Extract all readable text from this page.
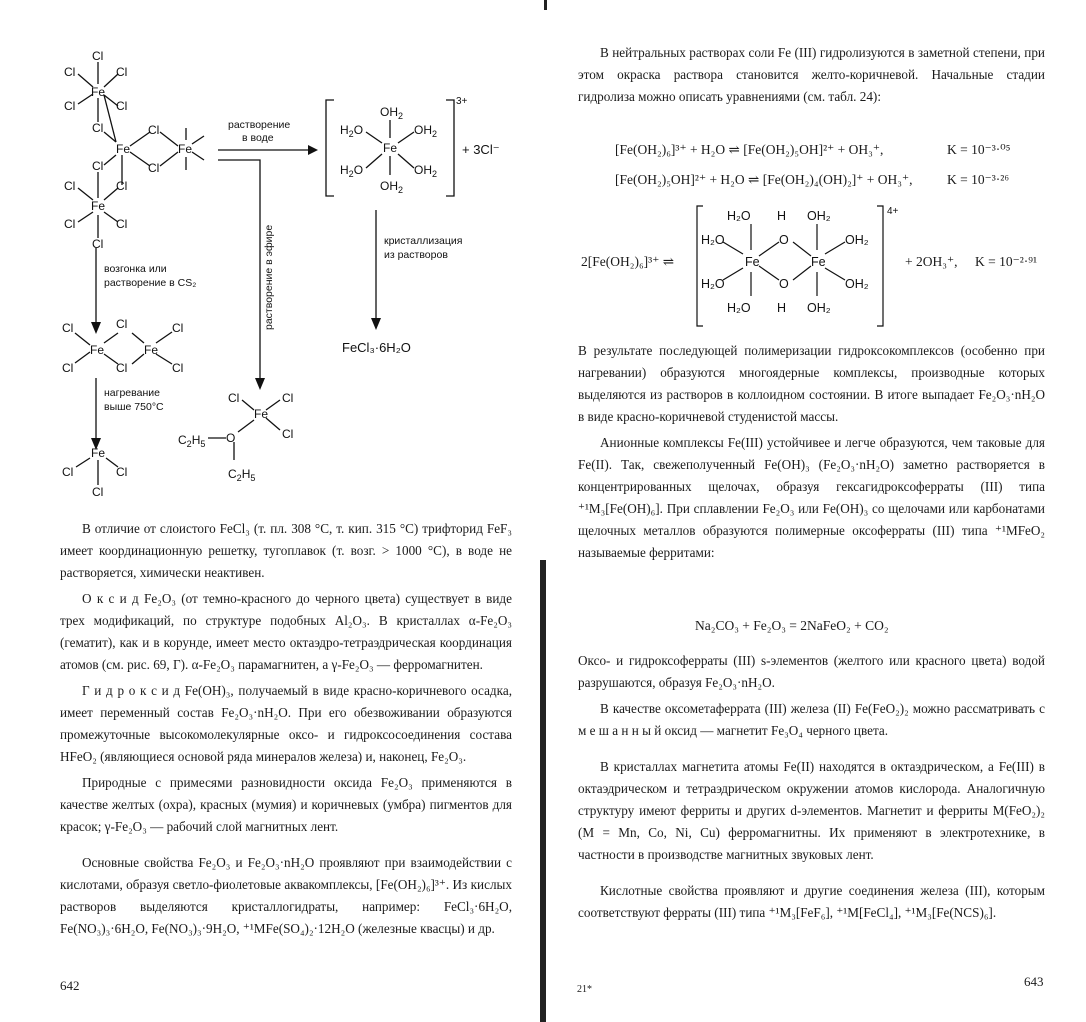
Cl
Cl	Cl
Fe
Cl	Cl
Cl
Fe
Cl
Cl
Fe
Cl
Cl	Cl
Fe
Cl	Cl
Cl
$OH_2$
$H_2O$	$OH_2$
Fe
$H_2O$	$OH_2$
$OH_2$
Cl	Cl	Cl
Fe	Fe
Cl	Cl	Cl
Fe
Cl	Cl
Cl
Cl
Fe
Cl
Cl
O
$C_2H_5$
$C_2H_5$
растворение
в воде
растворение в эфире	кристаллизация
из растворов
возгонка или
растворение в CS₂
нагревание
выше 750°C
3+
+ 3Cl⁻
FeCl₃·6H₂O

В отличие от слоистого FeCl₃ (т. пл. 308 °C, т. кип. 315 °C) трифторид FeF₃ имеет координационную решетку, тугоплавок (т. возг. > 1000 °C), в воде не растворяется, химически неактивен.

О к с и д Fe₂O₃ (от темно-красного до черного цвета) существует в виде трех модификаций, по структуре подобных Al₂O₃. В кристаллах α-Fe₂O₃ (гематит), как и в корунде, имеет место октаэдро-тетраэдрическая координация атомов (см. рис. 69, Г). α-Fe₂O₃ парамагнитен, а γ-Fe₂O₃ — ферромагнитен.

Г и д р о к с и д Fe(OH)₃, получаемый в виде красно-коричневого осадка, имеет переменный состав Fe₂O₃·nH₂O. При его обезвоживании образуются промежуточные высокомолекулярные оксо- и гидроксосоединения состава HFeO₂ (являющиеся основой ряда минералов железа) и, наконец, Fe₂O₃.

Природные с примесями разновидности оксида Fe₂O₃ применяются в качестве желтых (охра), красных (мумия) и коричневых (умбра) пигментов для красок; γ-Fe₂O₃ — рабочий слой магнитных лент.

Основные свойства Fe₂O₃ и Fe₂O₃·nH₂O проявляют при взаимодействии с кислотами, образуя светло-фиолетовые аквакомплексы, [Fe(OH₂)₆]³⁺. Из кислых растворов выделяются кристаллогидраты, например: FeCl₃·6H₂O, Fe(NO₃)₃·6H₂O, Fe(NO₃)₃·9H₂O, ⁺¹MFe(SO₄)₂·12H₂O (железные квасцы) и др.

642

В нейтральных растворах соли Fe (III) гидролизуются в заметной степени, при этом окраска раствора становится желто-коричневой. Начальные стадии гидролиза можно описать уравнениями (см. табл. 24):

[Fe(OH₂)₆]³⁺ + H₂O ⇌ [Fe(OH₂)₅OH]²⁺ + OH₃⁺,	K = 10⁻³·⁰⁵
[Fe(OH₂)₅OH]²⁺ + H₂O ⇌ [Fe(OH₂)₄(OH)₂]⁺ + OH₃⁺,	K = 10⁻³·²⁶
2[Fe(OH₂)₆]³⁺ ⇌
H₂O H OH₂
H₂O	O	OH₂
Fe	Fe
H₂O	O	OH₂
H₂O H OH₂
4+
+ 2OH₃⁺, K = 10⁻²·⁹¹

В результате последующей полимеризации гидроксокомплексов (особенно при нагревании) образуются многоядерные комплексы, производные которых выделяются из растворов в коллоидном состоянии. В итоге выпадает Fe₂O₃·nH₂O в виде красно-коричневой студенистой массы.

Анионные комплексы Fe(III) устойчивее и легче образуются, чем таковые для Fe(II). Так, свежеполученный Fe(OH)₃ (Fe₂O₃·nH₂O) заметно растворяется в концентрированных щелочах, образуя гексагидроксоферраты (III) типа ⁺¹M₃[Fe(OH)₆]. При сплавлении Fe₂O₃ или Fe(OH)₃ со щелочами или карбонатами щелочных металлов образуются полимерные оксоферраты (III) типа ⁺¹MFeO₂ называемые ферритами:

Na₂CO₃ + Fe₂O₃ = 2NaFeO₂ + CO₂

Оксо- и гидроксоферраты (III) s-элементов (желтого или красного цвета) водой разрушаются, образуя Fe₂O₃·nH₂O.

В качестве оксометаферрата (III) железа (II) Fe(FeO₂)₂ можно рассматривать с м е ш а н н ы й оксид — магнетит Fe₃O₄ черного цвета.

В кристаллах магнетита атомы Fe(II) находятся в октаэдрическом, а Fe(III) в октаэдрическом и тетраэдрическом окружении атомов кислорода. Аналогичную структуру имеют ферриты и других d-элементов. Магнетит и ферриты M(FeO₂)₂ (M = Mn, Co, Ni, Cu) ферромагнитны. Их применяют в электротехнике, в частности в производстве магнитных звуковых лент.

Кислотные свойства проявляют и другие соединения железа (III), которым соответствуют ферраты (III) типа ⁺¹M₃[FeF₆], ⁺¹M[FeCl₄], ⁺¹M₃[Fe(NCS)₆].

21*
643
